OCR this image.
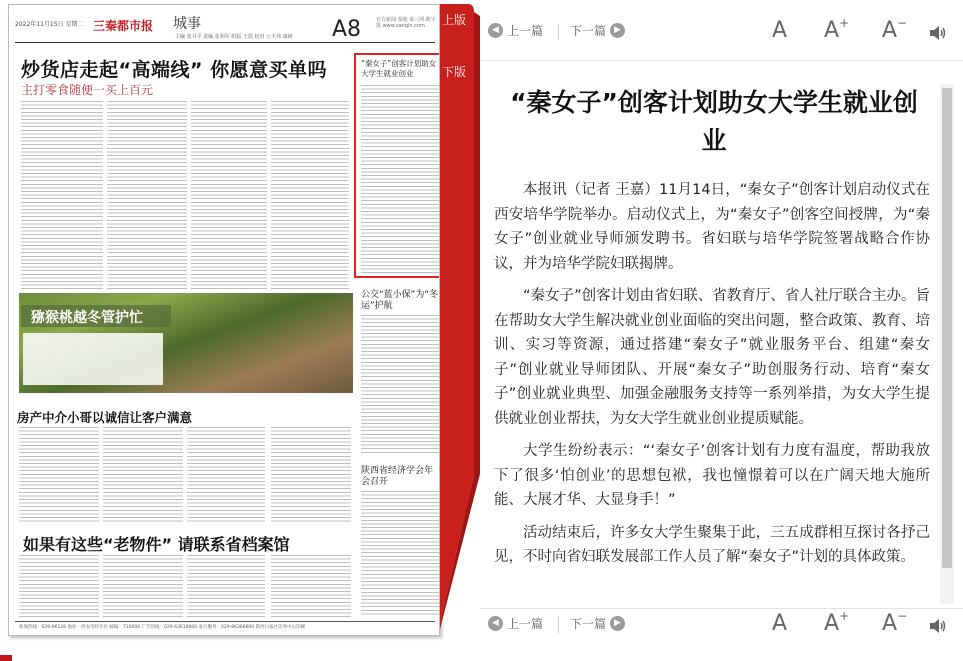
2022年11月15日 星期二 三秦都市报 城事	A8	官方新闻·秦地 秦三网·数字报 www.sanqin.com
主编 张书平 责编 张利军 组版 王霞 校对 公大伟 康研
炒货店走起“高端线” 你愿意买单吗
主打零食随便一买上百元
“秦女子”创客计划助女大学生就业创业
猕猴桃越冬管护忙
公交“蓝小保”为“冬运”护航
房产中介小哥以诚信让客户满意
陕西省经济学会年会召开
如果有这些“老物件” 请联系省档案馆
新闻热线：029-96128 地址：西安市经开区 邮编：710000 广告热线：029-63610000 发行服务：029-86366600 陕西日报社印务中心印刷
上版
下版
◀ 上一篇 下一篇 ▶	A A+ A−
“秦女子”创客计划助女大学生就业创业

本报讯（记者 王嘉）11月14日，“秦女子”创客计划启动仪式在西安培华学院举办。启动仪式上，为“秦女子”创客空间授牌，为“秦女子”创业就业导师颁发聘书。省妇联与培华学院签署战略合作协议，并为培华学院妇联揭牌。

“秦女子”创客计划由省妇联、省教育厅、省人社厅联合主办。旨在帮助女大学生解决就业创业面临的突出问题，整合政策、教育、培训、实习等资源，通过搭建“秦女子”就业服务平台、组建“秦女子”创业就业导师团队、开展“秦女子”助创服务行动、培育“秦女子”创业就业典型、加强金融服务支持等一系列举措，为女大学生提供就业创业帮扶，为女大学生就业创业提质赋能。

大学生纷纷表示：“‘秦女子’创客计划有力度有温度，帮助我放下了很多‘怕创业’的思想包袱，我也憧憬着可以在广阔天地大施所能、大展才华、大显身手！”

活动结束后，许多女大学生聚集于此，三五成群相互探讨各抒己见，不时向省妇联发展部工作人员了解“秦女子”计划的具体政策。

◀ 上一篇 下一篇 ▶	A A+ A−
